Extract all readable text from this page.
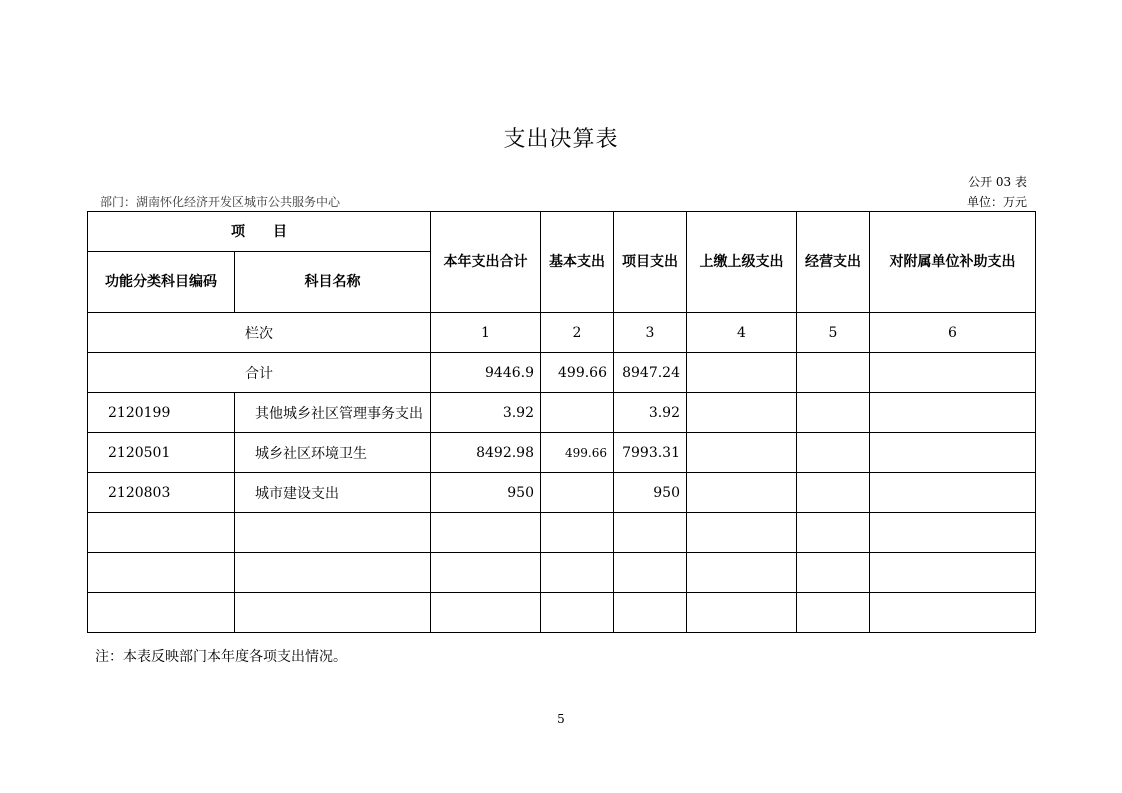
支出决算表
公开 03 表
部门：湖南怀化经济开发区城市公共服务中心	单位：万元
项　　目		本年支出合计	基本支出	项目支出	上缴上级支出	经营支出	对附属单位补助支出
功能分类科目编码	科目名称						
栏次		1	2	3	4	5	6
合计		9446.9	499.66	8947.24			
2120199	其他城乡社区管理事务支出	3.92		3.92			
2120501	城乡社区环境卫生	8492.98	499.66	7993.31			
2120803	城市建设支出	950		950			

注：本表反映部门本年度各项支出情况。
5
